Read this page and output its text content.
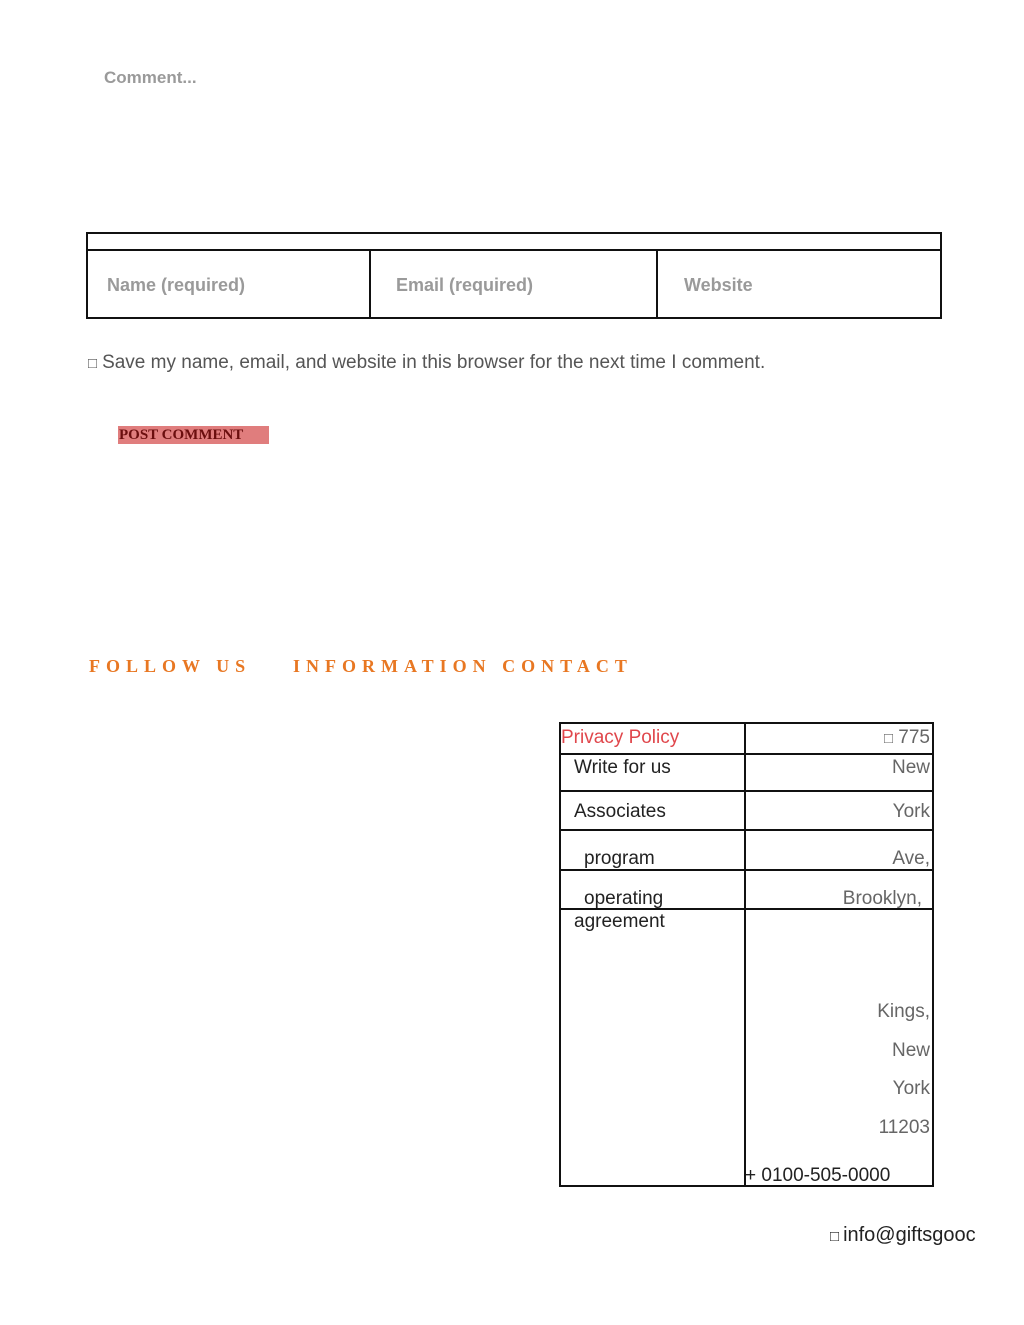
Comment...
Name (required)	Email (required)	Website
□ Save my name, email, and website in this browser for the next time I comment.
POST COMMENT
FOLLOW US INFORMATION CONTACT
Privacy Policy
Write for us
Associates
program
operating
agreement
□ 775
New
York
Ave,
Brooklyn,
Kings,
New
York
11203
+ 0100-505-0000
□ info@giftsgooc
